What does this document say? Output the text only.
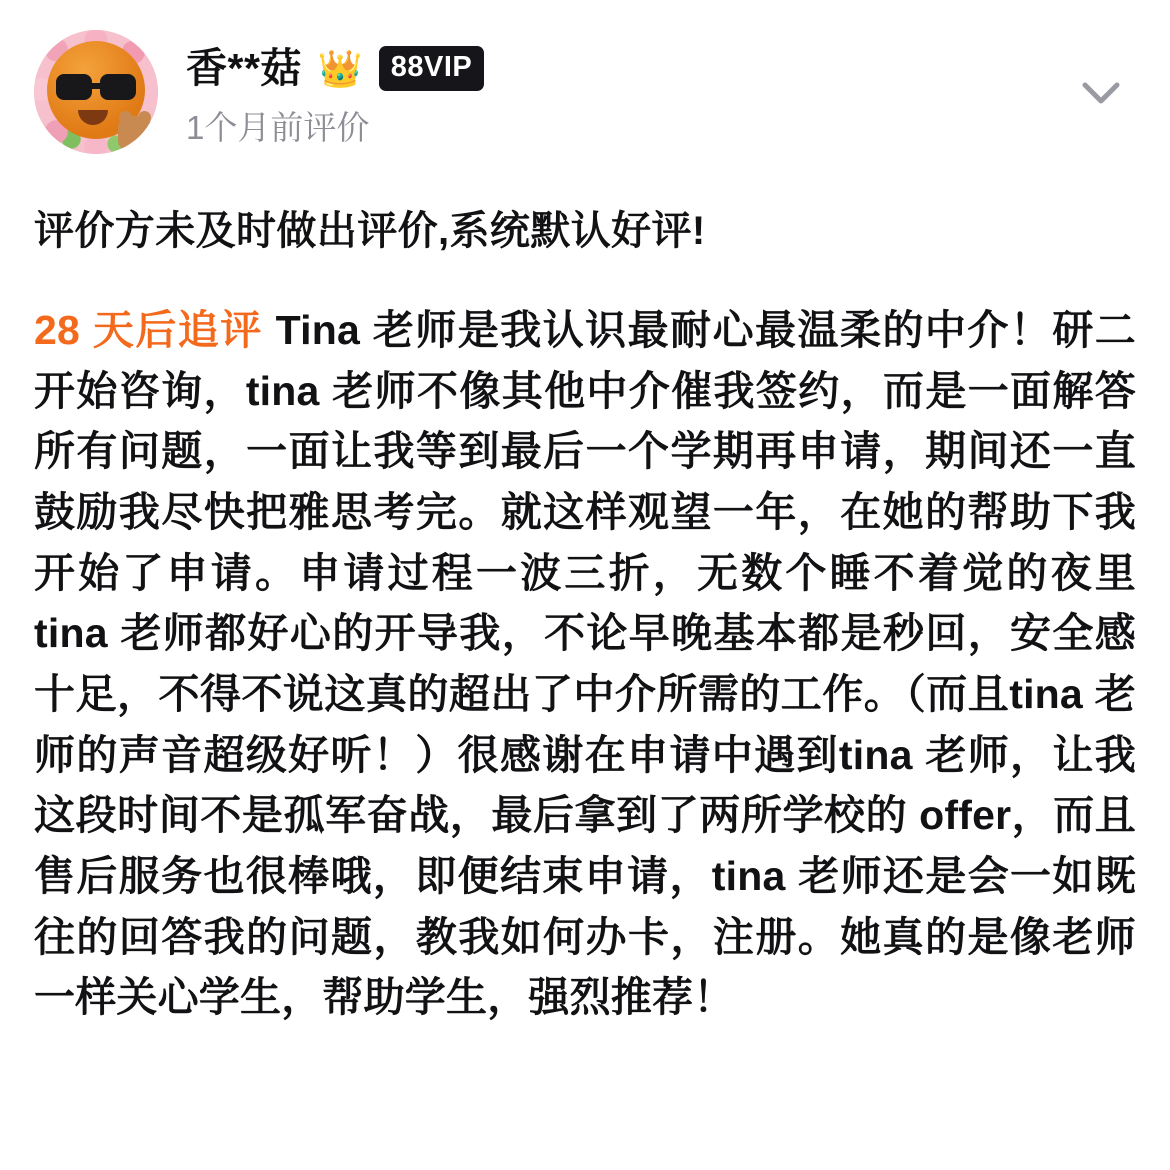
香**菇 👑 88VIP
1个月前评价
评价方未及时做出评价,系统默认好评!
28 天后追评 Tina 老师是我认识最耐心最温柔的中介！研二开始咨询，tina 老师不像其他中介催我签约，而是一面解答所有问题，一面让我等到最后一个学期再申请，期间还一直鼓励我尽快把雅思考完。就这样观望一年，在她的帮助下我开始了申请。申请过程一波三折，无数个睡不着觉的夜里 tina 老师都好心的开导我，不论早晚基本都是秒回，安全感十足，不得不说这真的超出了中介所需的工作。（而且tina 老师的声音超级好听！）很感谢在申请中遇到tina 老师，让我这段时间不是孤军奋战，最后拿到了两所学校的 offer，而且售后服务也很棒哦，即便结束申请，tina 老师还是会一如既往的回答我的问题，教我如何办卡，注册。她真的是像老师一样关心学生，帮助学生，强烈推荐！
